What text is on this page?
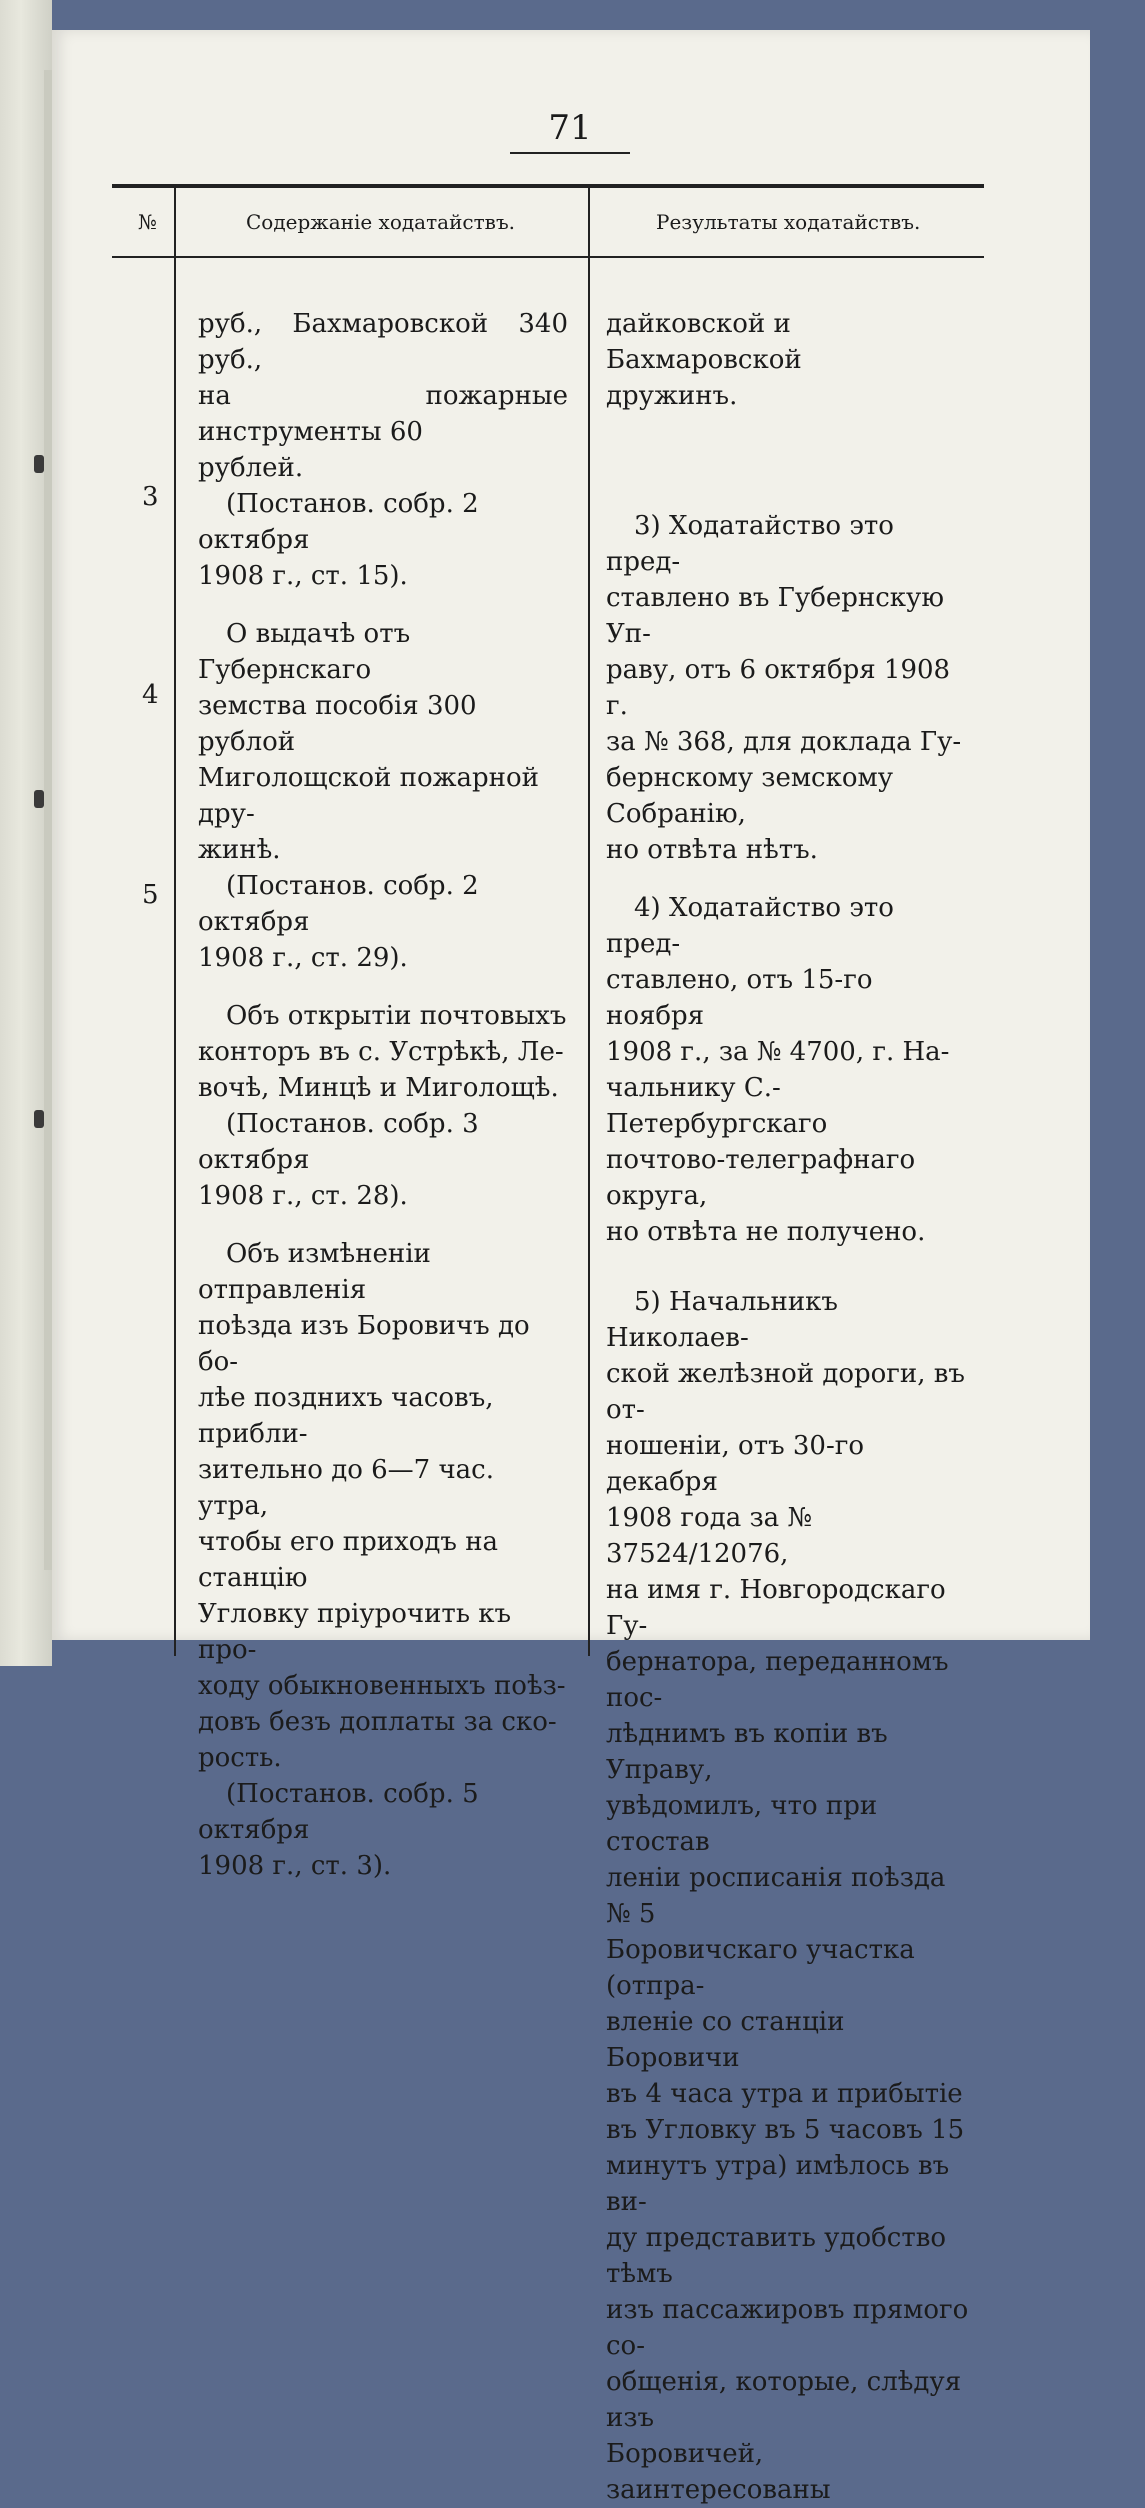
71
№	Содержаніе ходатайствъ.	Результаты ходатайствъ.
3
4
5

руб., Бахмаровской 340 руб.,

на пожарные инструменты 60

рублей.

(Постанов. собр. 2 октября

1908 г., ст. 15).

О выдачѣ отъ Губернскаго

земства пособія 300 рублой

Миголощской пожарной дру-

жинѣ.

(Постанов. собр. 2 октября

1908 г., ст. 29).

Объ открытіи почтовыхъ

конторъ въ с. Устрѣкѣ, Ле-

вочѣ, Минцѣ и Миголощѣ.

(Постанов. собр. 3 октября

1908 г., ст. 28).

Объ измѣненіи отправленія

поѣзда изъ Боровичъ до бо-

лѣе позднихъ часовъ, прибли-

зительно до 6—7 час. утра,

чтобы его приходъ на станцію

Угловку пріурочить къ про-

ходу обыкновенныхъ поѣз-

довъ безъ доплаты за ско-

рость.

(Постанов. собр. 5 октября

1908 г., ст. 3).

дайковской и Бахмаровской

дружинъ.

3) Ходатайство это пред-

ставлено въ Губернскую Уп-

раву, отъ 6 октября 1908 г.

за № 368, для доклада Гу-

бернскому земскому Собранію,

но отвѣта нѣтъ.

4) Ходатайство это пред-

ставлено, отъ 15-го ноября

1908 г., за № 4700, г. На-

чальнику С.-Петербургскаго

почтово-телеграфнаго округа,

но отвѣта не получено.

5) Начальникъ Николаев-

ской желѣзной дороги, въ от-

ношеніи, отъ 30-го декабря

1908 года за № 37524/12076,

на имя г. Новгородскаго Гу-

бернатора, переданномъ пос-

лѣднимъ въ копіи въ Управу,

увѣдомилъ, что при стостав

леніи росписанія поѣзда № 5

Боровичскаго участка (отпра-

вленіе со станціи Боровичи

въ 4 часа утра и прибытіе

въ Угловку въ 5 часовъ 15

минутъ утра) имѣлось въ ви-

ду представить удобство тѣмъ

изъ пассажировъ прямого со-

общенія, которые, слѣдуя изъ

Боровичей, заинтересованы
